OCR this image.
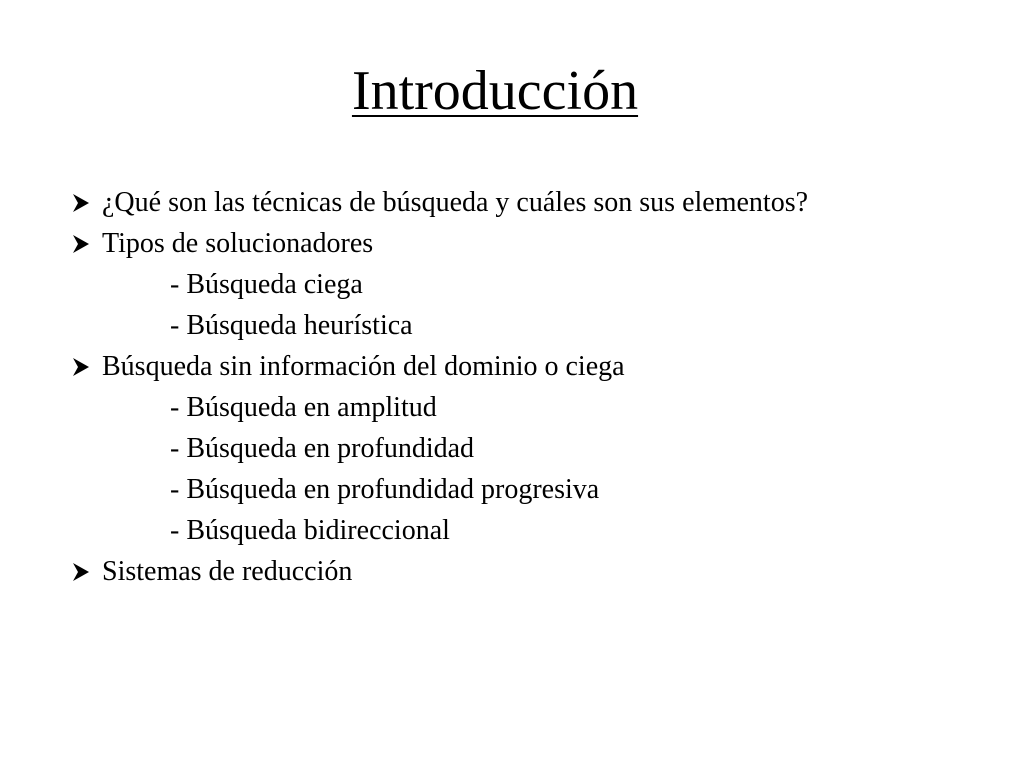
Introducción
¿Qué son las técnicas de búsqueda y cuáles son sus elementos?
Tipos de solucionadores
- Búsqueda ciega
- Búsqueda heurística
Búsqueda sin información del dominio o ciega
- Búsqueda en amplitud
- Búsqueda en profundidad
- Búsqueda en profundidad progresiva
- Búsqueda bidireccional
Sistemas de reducción
